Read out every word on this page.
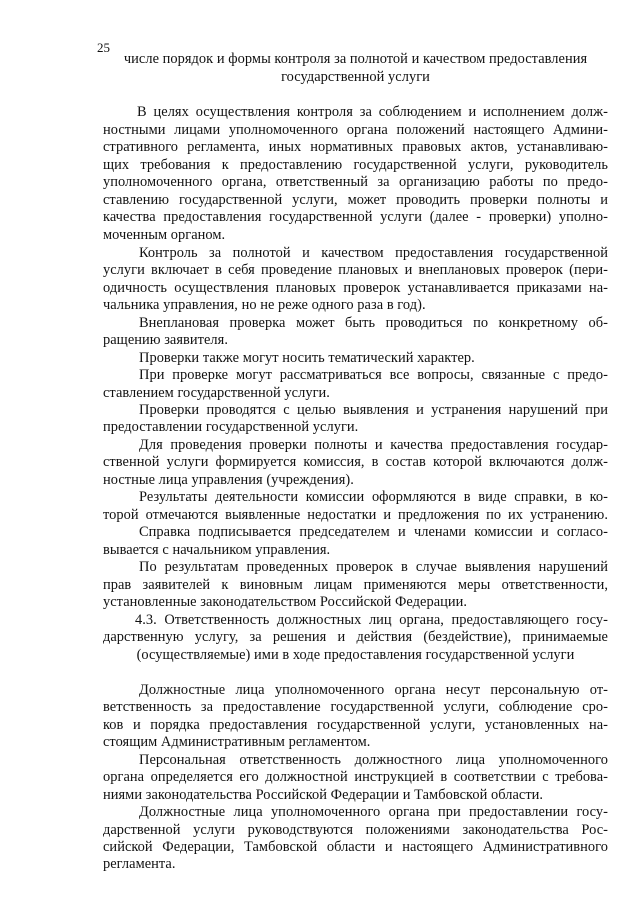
25
числе порядок и формы контроля за полнотой и качеством предоставления
государственной услуги
В целях осуществления контроля за соблюдением и исполнением долж-
ностными лицами уполномоченного органа положений настоящего Админи-
стративного регламента, иных нормативных правовых актов, устанавливаю-
щих требования к предоставлению государственной услуги, руководитель
уполномоченного органа, ответственный за организацию работы по предо-
ставлению государственной услуги, может проводить проверки полноты и
качества предоставления государственной услуги (далее - проверки) уполно-
моченным органом.
Контроль за полнотой и качеством предоставления государственной
услуги включает в себя проведение плановых и внеплановых проверок (пери-
одичность осуществления плановых проверок устанавливается приказами на-
чальника управления, но не реже одного раза в год).
Внеплановая проверка может быть проводиться по конкретному об-
ращению заявителя.
Проверки также могут носить тематический характер.
При проверке могут рассматриваться все вопросы, связанные с предо-
ставлением государственной услуги.
Проверки проводятся с целью выявления и устранения нарушений при
предоставлении государственной услуги.
Для проведения проверки полноты и качества предоставления государ-
ственной услуги формируется комиссия, в состав которой включаются долж-
ностные лица управления (учреждения).
Результаты деятельности комиссии оформляются в виде справки, в ко-
торой отмечаются выявленные недостатки и предложения по их устранению.
Справка подписывается председателем и членами комиссии и согласо-
вывается с начальником управления.
По результатам проведенных проверок в случае выявления нарушений
прав заявителей к виновным лицам применяются меры ответственности,
установленные законодательством Российской Федерации.
4.3. Ответственность должностных лиц органа, предоставляющего госу-
дарственную услугу, за решения и действия (бездействие), принимаемые
(осуществляемые) ими в ходе предоставления государственной услуги
Должностные лица уполномоченного органа несут персональную от-
ветственность за предоставление государственной услуги, соблюдение сро-
ков и порядка предоставления государственной услуги, установленных на-
стоящим Административным регламентом.
Персональная ответственность должностного лица уполномоченного
органа определяется его должностной инструкцией в соответствии с требова-
ниями законодательства Российской Федерации и Тамбовской области.
Должностные лица уполномоченного органа при предоставлении госу-
дарственной услуги руководствуются положениями законодательства Рос-
сийской Федерации, Тамбовской области и настоящего Административного
регламента.
